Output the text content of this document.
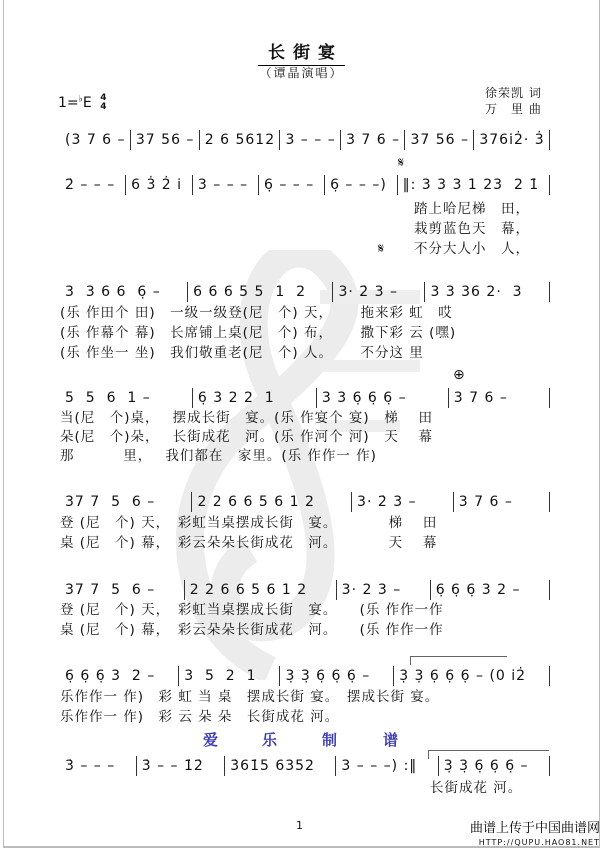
长街宴
（谭晶演唱）
1=♭E 4
4
徐荣凯 词
万　里 曲
(3 7 6 – 37 56 – 2 6 5612 3 – – – 3 7 6 – 37 56 – 376i̇2̇· 3̇
𝄋
2̇ – – –	6 3̇ 2̇ i̇	3 – – –	6̣ – – –	6̣ – – –)	‖: 3 3 3 1 23  2 1̇
踏上哈尼梯　田，
栽剪蓝色天　幕，
𝄋 不分大人小　人，
3  3 6 6  6̣ –	6 6 6 5 5  1  2	3· 2̇ 3 –	3 3 36 2·  3
(乐 作田个 田)　一级一级登(尼　个) 天，　　 拖来彩 虹　哎
(乐 作幕个 幕)　长席铺上桌(尼　个) 布，　　 撒下彩 云 (嘿)
(乐 作坐一 坐)　我们敬重老(尼　个) 人。　　 不分这 里
⊕
5  5  6  1 –	6̣ 3 2 2  1	3 3 6̣ 6̣ 6̣ –	3 7 6 –
当(尼　个)桌，　 摆成长街　宴。(乐 作宴个 宴)　梯　 田
朵(尼　个)朵，　 长街成花　河。(乐 作河个 河)　天　 幕
那　　　 里，　 我们都在　家里。(乐 作作一 作)
37 7  5  6 –	2 2 6 6 5 6 1 2	3· 2̇ 3 –	3 7 6 –
登 (尼　个) 天，　彩虹当桌摆成长街　宴。　　　　梯　 田
桌 (尼　个) 幕，　彩云朵朵长街成花　河。　　　　天　 幕
37 7  5  6 –	2 2 6 6 5 6 1 2	3· 2 3 –	6̣ 6̣ 6̣ 3 2 –
登 (尼　个) 天，　彩虹当桌摆成长街　宴。　　(乐 作作一作
桌 (尼　个) 幕，　彩云朵朵长街成花　河。　　(乐 作作一作
6̣ 6̣ 6̣ 3  2 –	3  5  2  1	3̣ 3̣ 6̣ 6̣ 6̣ –	3̣ 3̣ 6̣ 6̣ 6̣ – (0 i̇2̇
乐作作一 作)　彩 虹 当 桌　摆成长街 宴。　摆成长街 宴。
乐作作一 作)　彩 云 朵 朵　长街成花 河。
爱	乐	制	谱
3̇ – – –	3̇ – – 1̇2̇	3̇61̇5 6352	3 – – –) :‖	3̣ 3̣ 6̣ 6̣ 6̣ –
长街成花 河。
1	曲谱上传于中国曲谱网
HTTP://QUPU.HAO81.NET
